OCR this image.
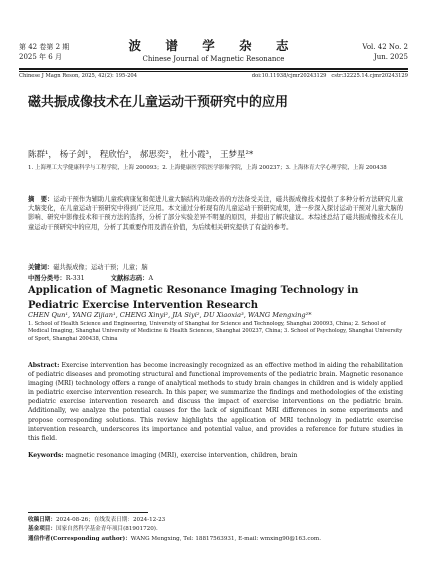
第 42 卷第 2 期
2025 年 6 月
波 谱 学 杂 志
Chinese Journal of Magnetic Resonance
Vol. 42 No. 2
Jun. 2025
Chinese J Magn Reson, 2025, 42(2): 195-204	doi:10.11938/cjmr20243129 cstr:32225.14.cjmr20243129
磁共振成像技术在儿童运动干预研究中的应用
陈群¹， 杨子剑¹， 程欣怡²， 郝思奕²， 杜小霞³， 王梦星²*
1. 上海理工大学健康科学与工程学院，上海 200093；2. 上海健康医学院医学影像学院，上海 200237；3. 上海体育大学心理学院，上海 200438
摘　要：运动干预作为辅助儿童疾病康复和促进儿童大脑结构功能改善的方法备受关注，磁共振成像技术提供了多种分析方法研究儿童大脑变化，在儿童运动干预研究中得到广泛应用。本文通过分析现有的儿童运动干预研究成果，进一步深入探讨运动干预对儿童大脑的影响、研究中影像技术和干预方法的选择，分析了部分实验差异不明显的原因，并提出了解决建议。本综述总结了磁共振成像技术在儿童运动干预研究中的应用，分析了其重要作用及潜在价值，为后续相关研究提供了有益的参考。
关键词：磁共振成像；运动干预；儿童；脑
中图分类号：R-331	文献标志码：A
Application of Magnetic Resonance Imaging Technology in Pediatric Exercise Intervention Research
CHEN Qun¹, YANG Zijian¹, CHENG Xinyi², JIA Siyi², DU Xiaoxia³, WANG Mengxing²*
1. School of Health Science and Engineering, University of Shanghai for Science and Technology, Shanghai 200093, China; 2. School of Medical Imaging, Shanghai University of Medicine & Health Sciences, Shanghai 200237, China; 3. School of Psychology, Shanghai University of Sport, Shanghai 200438, China
Abstract: Exercise intervention has become increasingly recognized as an effective method in aiding the rehabilitation of pediatric diseases and promoting structural and functional improvements of the pediatric brain. Magnetic resonance imaging (MRI) technology offers a range of analytical methods to study brain changes in children and is widely applied in pediatric exercise intervention research. In this paper, we summarize the findings and methodologies of the existing pediatric exercise intervention research and discuss the impact of exercise interventions on the pediatric brain. Additionally, we analyze the potential causes for the lack of significant MRI differences in some experiments and propose corresponding solutions. This review highlights the application of MRI technology in pediatric exercise intervention research, underscores its importance and potential value, and provides a reference for future studies in this field.
Keywords: magnetic resonance imaging (MRI), exercise intervention, children, brain
收稿日期：2024-08-26；在线发表日期：2024-12-23
基金项目：国家自然科学基金青年项目(81901720).
通信作者(Corresponding author)：WANG Mengxing, Tel: 18817563931, E-mail: wmxing90@163.com.
